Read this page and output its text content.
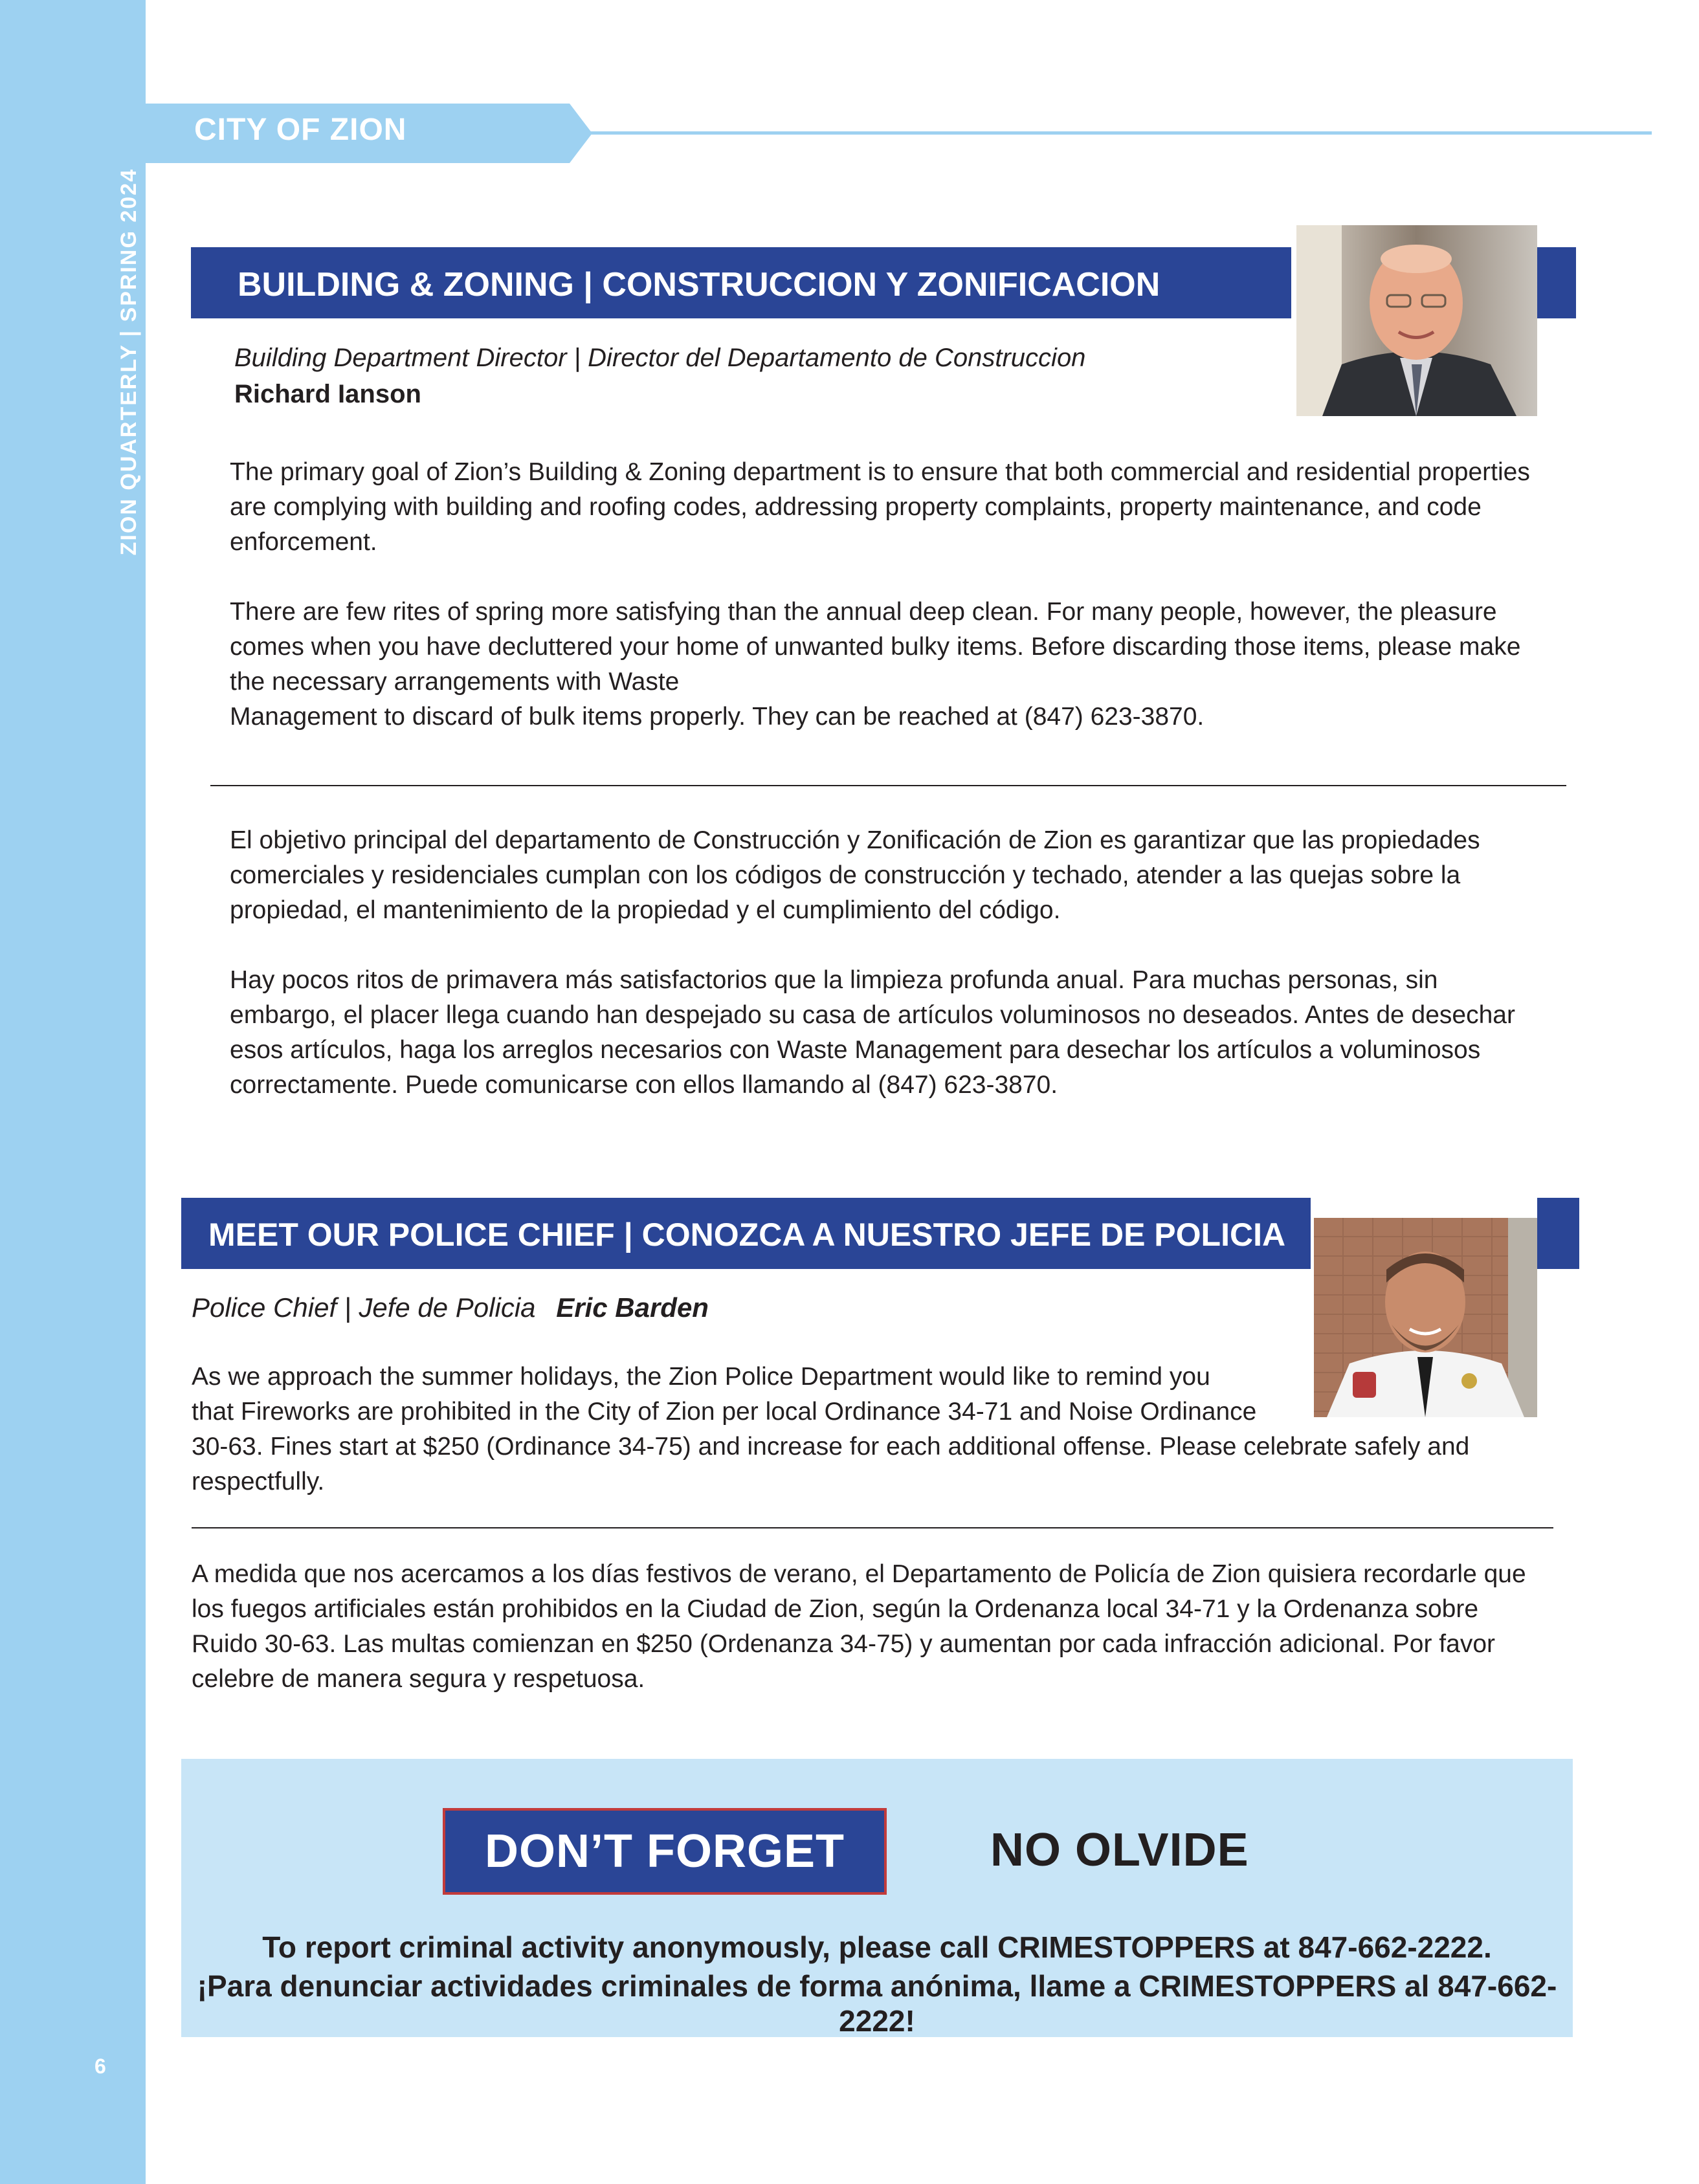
ZION QUARTERLY | SPRING 2024
6
CITY OF ZION
BUILDING & ZONING | CONSTRUCCION Y ZONIFICACION
Building Department Director | Director del Departamento de Construccion
Richard Ianson

The primary goal of Zion’s Building & Zoning department is to ensure that both commercial and residential properties are complying with building and roofing codes, addressing property complaints, property maintenance, and code enforcement.

There are few rites of spring more satisfying than the annual deep clean. For many people, however, the pleasure comes when you have decluttered your home of unwanted bulky items. Before discarding those items, please make the necessary arrangements with Waste

Management to discard of bulk items properly. They can be reached at (847) 623-3870.

El objetivo principal del departamento de Construcción y Zonificación de Zion es garantizar que las propiedades comerciales y residenciales cumplan con los códigos de construcción y techado, atender a las quejas sobre la propiedad, el mantenimiento de la propiedad y el cumplimiento del código.

Hay pocos ritos de primavera más satisfactorios que la limpieza profunda anual. Para muchas personas, sin embargo, el placer llega cuando han despejado su casa de artículos voluminosos no deseados. Antes de desechar esos artículos, haga los arreglos necesarios con Waste Management para desechar los artículos a voluminosos correctamente. Puede comunicarse con ellos llamando al (847) 623-3870.

MEET OUR POLICE CHIEF | CONOZCA A NUESTRO JEFE DE POLICIA
Police Chief | Jefe de Policia Eric Barden

As we approach the summer holidays, the Zion Police Department would like to remind you

that Fireworks are prohibited in the City of Zion per local Ordinance 34-71 and Noise Ordinance

30-63. Fines start at $250 (Ordinance 34-75) and increase for each additional offense. Please celebrate safely and respectfully.

A medida que nos acercamos a los días festivos de verano, el Departamento de Policía de Zion quisiera recordarle que los fuegos artificiales están prohibidos en la Ciudad de Zion, según la Ordenanza local 34-71 y la Ordenanza sobre Ruido 30-63. Las multas comienzan en $250 (Ordenanza 34-75) y aumentan por cada infracción adicional. Por favor celebre de manera segura y respetuosa.

DON’T FORGET	NO OLVIDE
To report criminal activity anonymously, please call CRIMESTOPPERS at 847-662-2222.
¡Para denunciar actividades criminales de forma anónima, llame a CRIMESTOPPERS al 847-662-2222!
